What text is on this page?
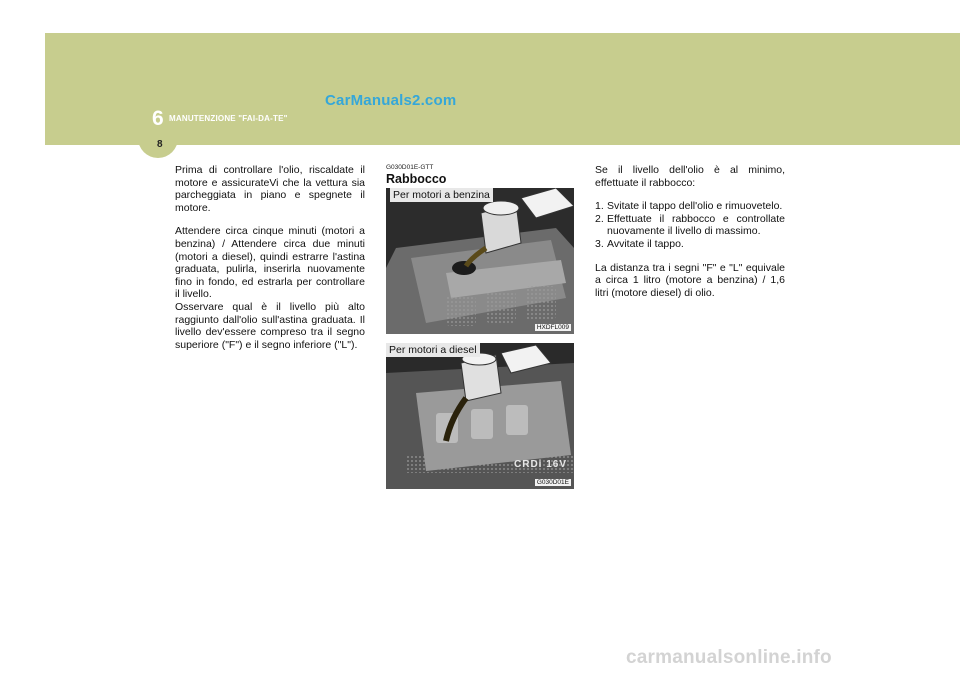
6 MANUTENZIONE "FAI-DA-TE"
8
CarManuals2.com

Prima di controllare l'olio, riscaldate il motore e assicurateVi che la vettura sia parcheggiata in piano e spegnete il motore.

Attendere circa cinque minuti (motori a benzina) / Attendere circa due minuti (motori a diesel), quindi estrarre l'astina graduata, pulirla, inserirla nuovamente fino in fondo, ed estrarla per controllare il livello.

Osservare qual è il livello più alto raggiunto dall'olio sull'astina graduata. Il livello dev'essere compreso tra il segno superiore ("F") e il segno inferiore ("L").

G030D01E-GTT
Rabbocco
Per motori a benzina
HXDFL009
CRDi 16V
Per motori a diesel
G030D01E

Se il livello dell'olio è al minimo, effettuate il rabbocco:

1. Svitate il tappo dell'olio e rimuovetelo.
2. Effettuate il rabbocco e controllate nuovamente il livello di massimo.
3. Avvitate il tappo.

La distanza tra i segni "F" e "L" equivale a circa 1 litro (motore a benzina) / 1,6 litri (motore diesel) di olio.

carmanualsonline.info
